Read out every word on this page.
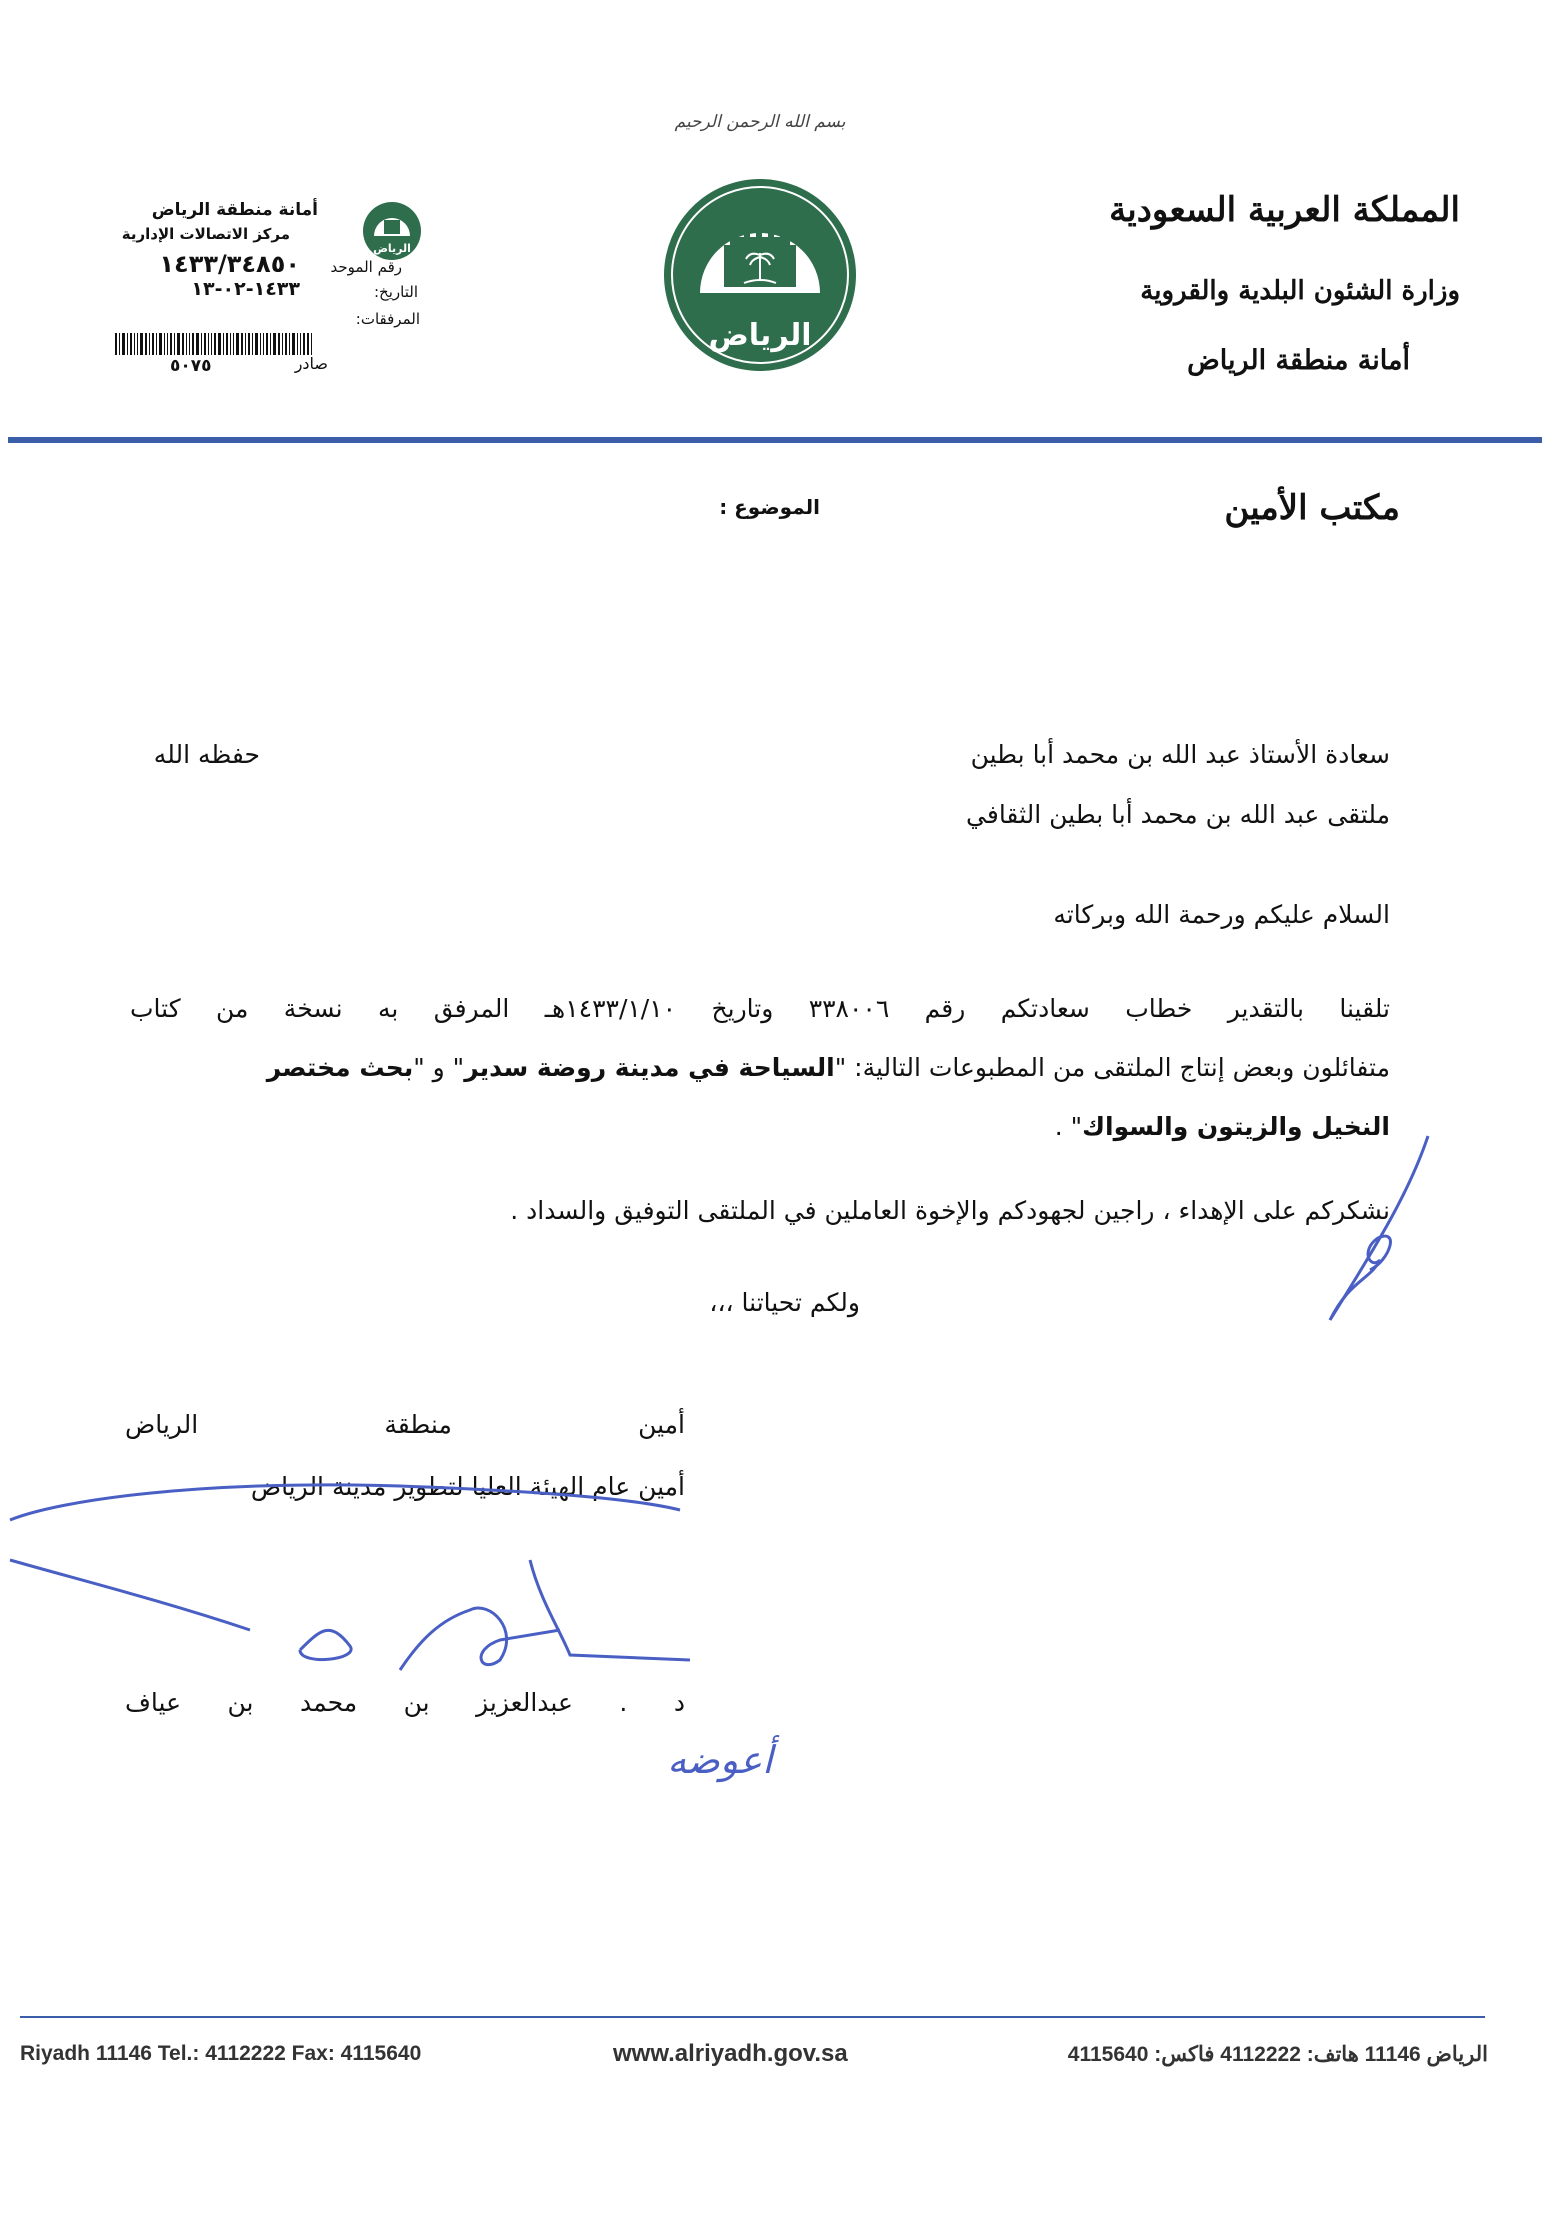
بسم الله الرحمن الرحيم
الرياض
الرياض
أمانة منطقة الرياض
مركز الاتصالات الإدارية
رقم الموحد
١٤٣٣/٣٤٨٥٠
التاريخ:
١٤٣٣-٠٢-١٣
المرفقات:
٥٠٧٥	صادر
المملكة العربية السعودية
وزارة الشئون البلدية والقروية
أمانة منطقة الرياض
مكتب الأمين
الموضوع :
سعادة الأستاذ عبد الله بن محمد أبا بطين
حفظه الله
ملتقى عبد الله بن محمد أبا بطين الثقافي
السلام عليكم ورحمة الله وبركاته
تلقينا بالتقدير خطاب سعادتكم رقم ٣٣٨٠٠٦ وتاريخ ١٤٣٣/١/١٠هـ المرفق به نسخة من كتاب
متفائلون وبعض إنتاج الملتقى من المطبوعات التالية: "السياحة في مدينة روضة سدير" و "بحث مختصر
النخيل والزيتون والسواك" .
نشكركم على الإهداء ، راجين لجهودكم والإخوة العاملين في الملتقى التوفيق والسداد .
ولكم تحياتنا ،،،
أمين منطقة الرياض
أمين عام الهيئة العليا لتطوير مدينة الرياض
د . عبدالعزيز بن محمد بن عياف
أعوضه
Riyadh 11146 Tel.: 4112222 Fax: 4115640	www.alriyadh.gov.sa	الرياض 11146 هاتف: 4112222 فاكس: 4115640
